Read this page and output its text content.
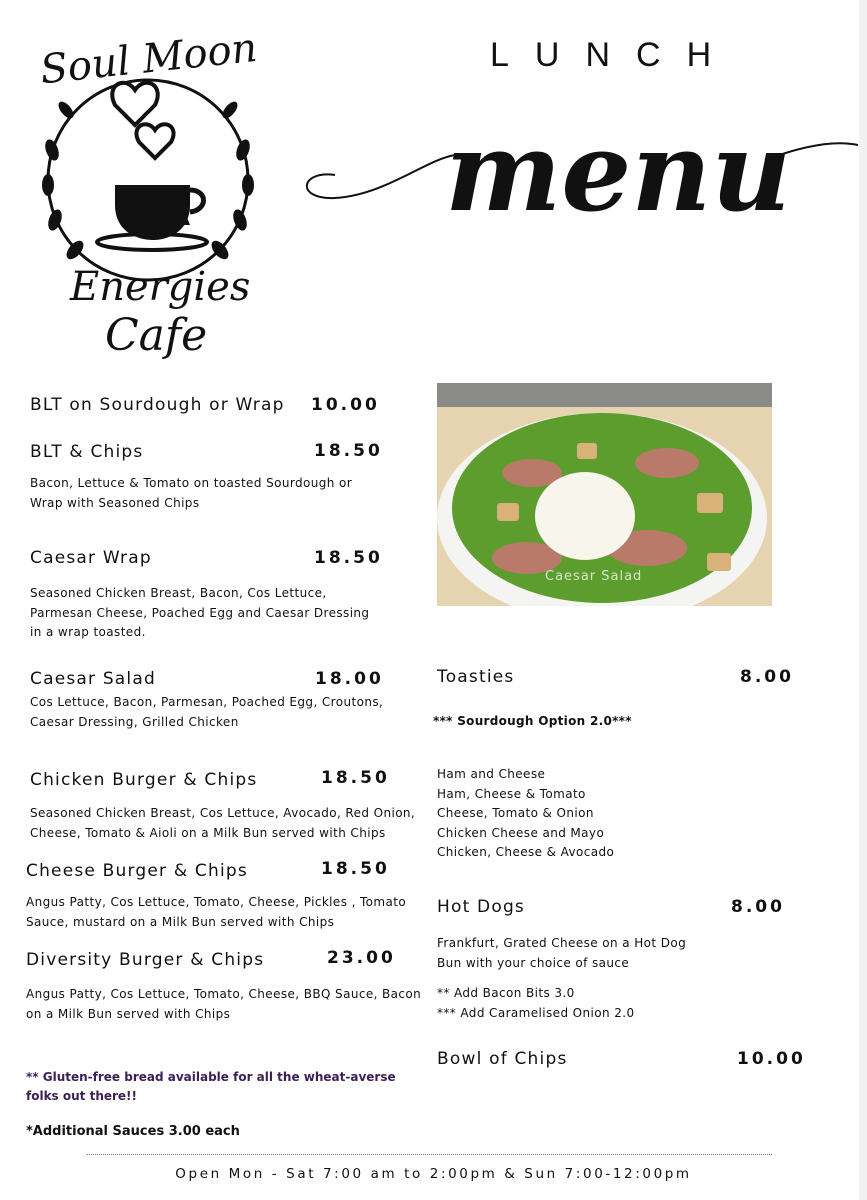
Soul Moon
Energies
Cafe
LUNCH
menu
BLT on Sourdough or Wrap 10.00
BLT & Chips	18.50
Bacon, Lettuce & Tomato on toasted Sourdough or
Wrap with Seasoned Chips
Caesar Wrap	18.50
Seasoned Chicken Breast, Bacon, Cos Lettuce,
Parmesan Cheese, Poached Egg and Caesar Dressing
in a wrap toasted.
Caesar Salad	18.00
Cos Lettuce, Bacon, Parmesan, Poached Egg, Croutons,
Caesar Dressing, Grilled Chicken
Chicken Burger & Chips	18.50
Seasoned Chicken Breast, Cos Lettuce, Avocado, Red Onion,
Cheese, Tomato & Aioli on a Milk Bun served with Chips
Cheese Burger & Chips	18.50
Angus Patty, Cos Lettuce, Tomato, Cheese, Pickles , Tomato
Sauce, mustard on a Milk Bun served with Chips
Diversity Burger & Chips	23.00
Angus Patty, Cos Lettuce, Tomato, Cheese, BBQ Sauce, Bacon
on a Milk Bun served with Chips
Caesar Salad
Toasties	8.00
*** Sourdough Option 2.0***
Ham and Cheese
Ham, Cheese & Tomato
Cheese, Tomato & Onion
Chicken Cheese and Mayo
Chicken, Cheese & Avocado
Hot Dogs	8.00
Frankfurt, Grated Cheese on a Hot Dog
Bun with your choice of sauce
** Add Bacon Bits 3.0
*** Add Caramelised Onion 2.0
Bowl of Chips	10.00
** Gluten-free bread available for all the wheat-averse folks out there!!
*Additional Sauces 3.00 each
Open Mon - Sat 7:00 am to 2:00pm & Sun 7:00-12:00pm
